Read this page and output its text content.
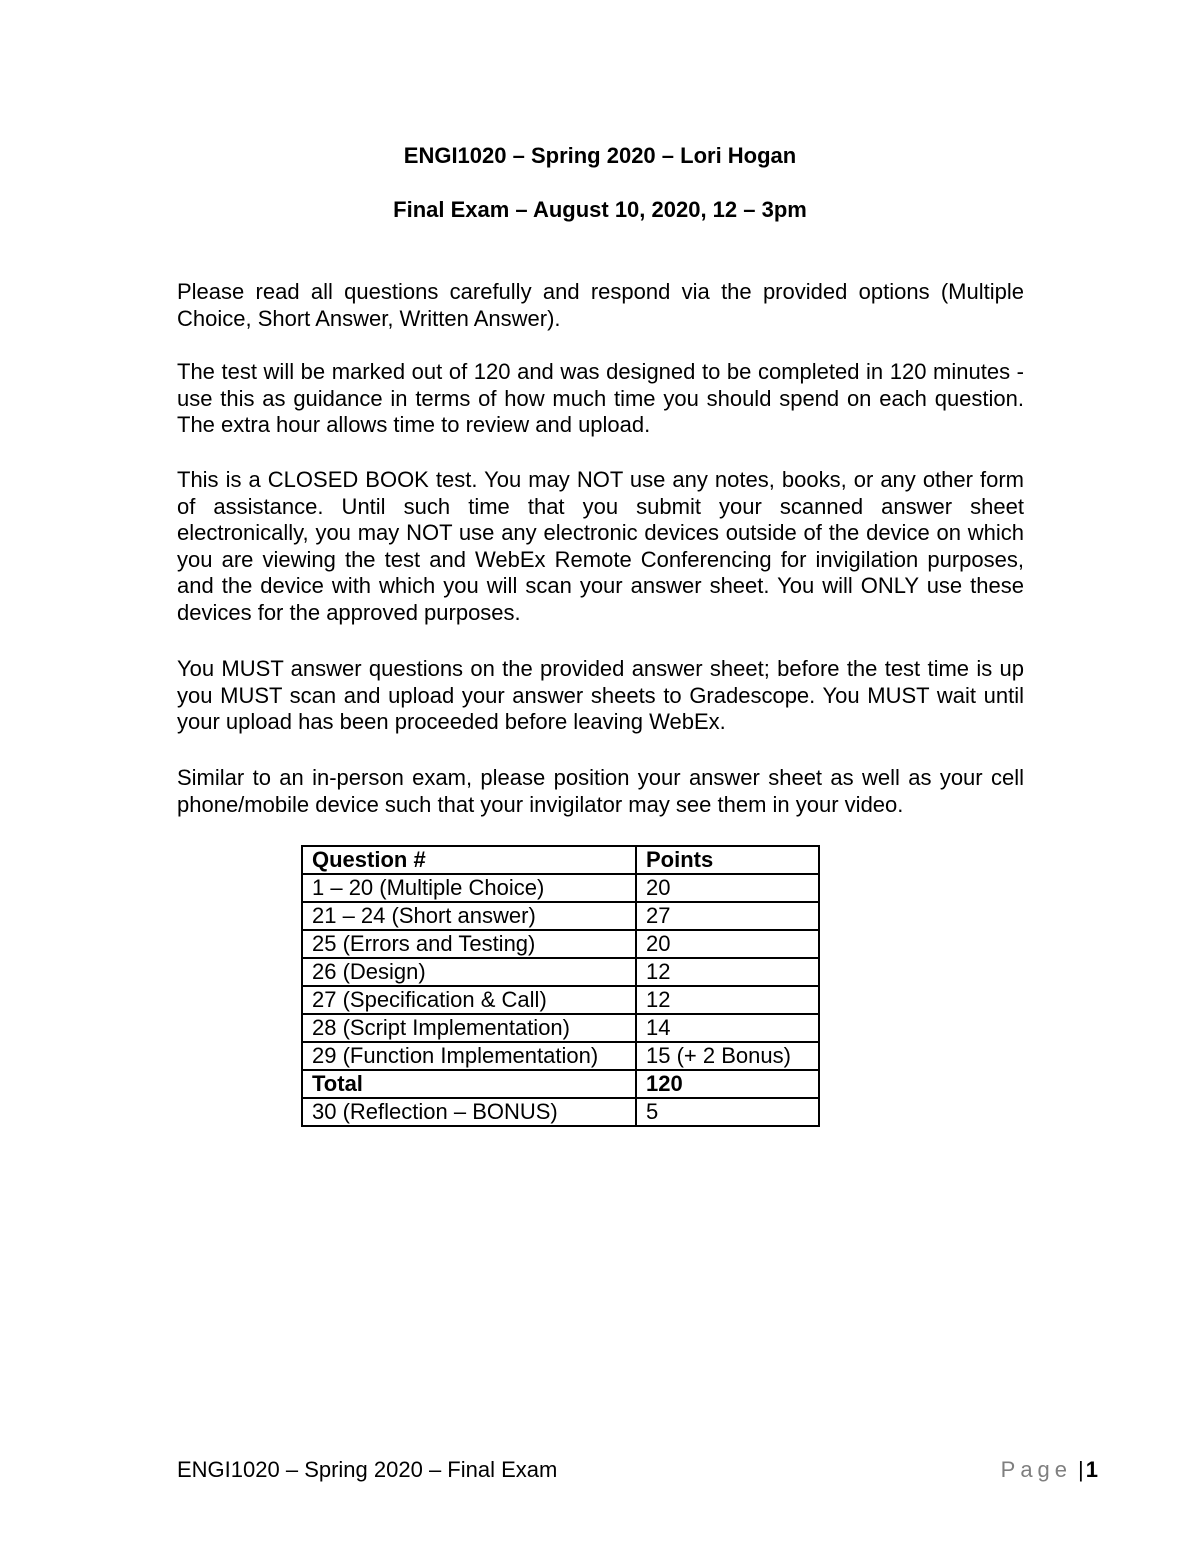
ENGI1020 – Spring 2020 – Lori Hogan
Final Exam – August 10, 2020, 12 – 3pm

Please read all questions carefully and respond via the provided options (Multiple Choice, Short Answer, Written Answer).

The test will be marked out of 120 and was designed to be completed in 120 minutes - use this as guidance in terms of how much time you should spend on each question. The extra hour allows time to review and upload.

This is a CLOSED BOOK test. You may NOT use any notes, books, or any other form of assistance. Until such time that you submit your scanned answer sheet electronically, you may NOT use any electronic devices outside of the device on which you are viewing the test and WebEx Remote Conferencing for invigilation purposes, and the device with which you will scan your answer sheet. You will ONLY use these devices for the approved purposes.

You MUST answer questions on the provided answer sheet; before the test time is up you MUST scan and upload your answer sheets to Gradescope. You MUST wait until your upload has been proceeded before leaving WebEx.

Similar to an in-person exam, please position your answer sheet as well as your cell phone/mobile device such that your invigilator may see them in your video.

Question #	Points
1 – 20 (Multiple Choice)	20
21 – 24 (Short answer)	27
25 (Errors and Testing)	20
26 (Design)	12
27 (Specification & Call)	12
28 (Script Implementation)	14
29 (Function Implementation)	15 (+ 2 Bonus)
Total	120
30 (Reflection – BONUS)	5
ENGI1020 – Spring 2020 – Final Exam	Page |1
